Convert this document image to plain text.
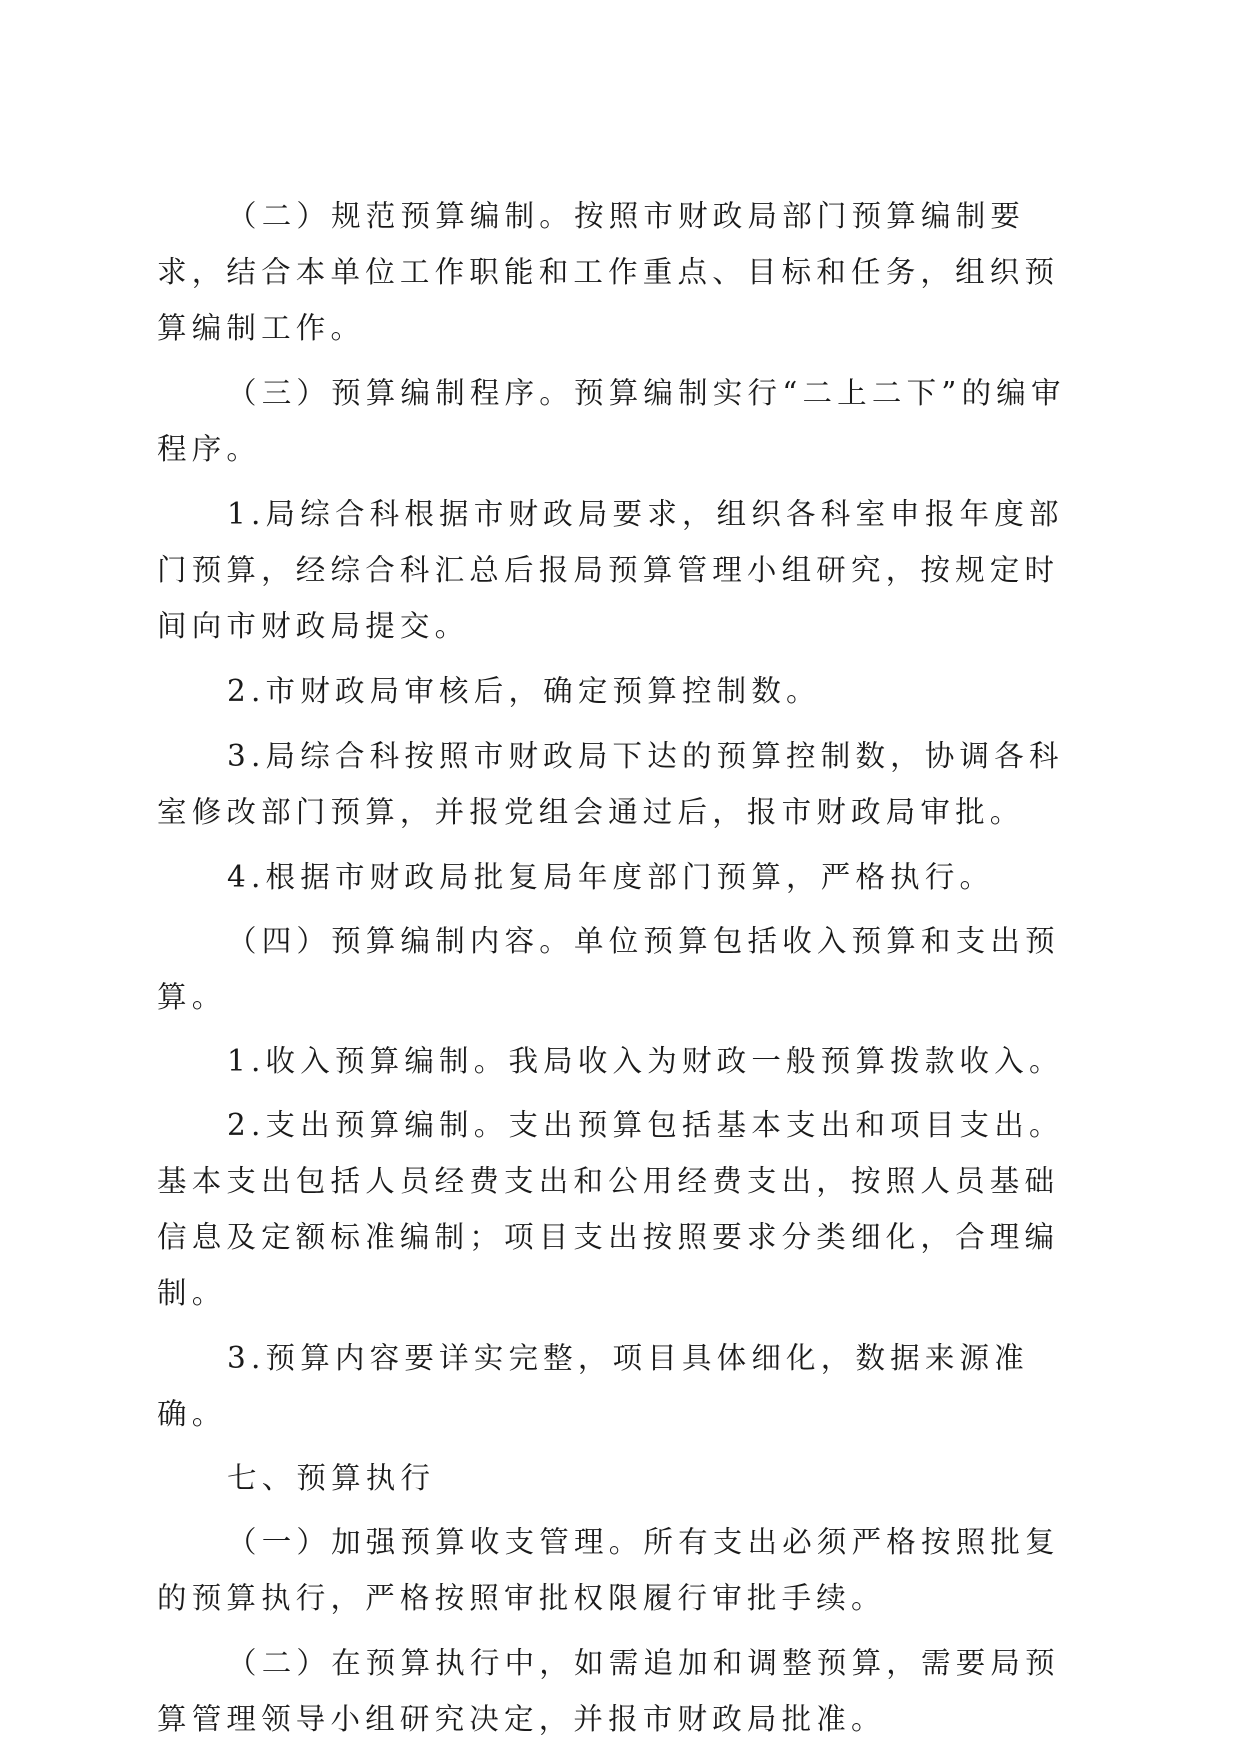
（二）规范预算编制。按照市财政局部门预算编制要求，结合本单位工作职能和工作重点、目标和任务，组织预算编制工作。

（三）预算编制程序。预算编制实行“二上二下”的编审程序。

1.局综合科根据市财政局要求，组织各科室申报年度部门预算，经综合科汇总后报局预算管理小组研究，按规定时间向市财政局提交。

2.市财政局审核后，确定预算控制数。

3.局综合科按照市财政局下达的预算控制数，协调各科室修改部门预算，并报党组会通过后，报市财政局审批。

4.根据市财政局批复局年度部门预算，严格执行。

（四）预算编制内容。单位预算包括收入预算和支出预算。

1.收入预算编制。我局收入为财政一般预算拨款收入。

2.支出预算编制。支出预算包括基本支出和项目支出。基本支出包括人员经费支出和公用经费支出，按照人员基础信息及定额标准编制；项目支出按照要求分类细化，合理编制。

3.预算内容要详实完整，项目具体细化，数据来源准确。

七、预算执行

（一）加强预算收支管理。所有支出必须严格按照批复的预算执行，严格按照审批权限履行审批手续。

（二）在预算执行中，如需追加和调整预算，需要局预算管理领导小组研究决定，并报市财政局批准。
